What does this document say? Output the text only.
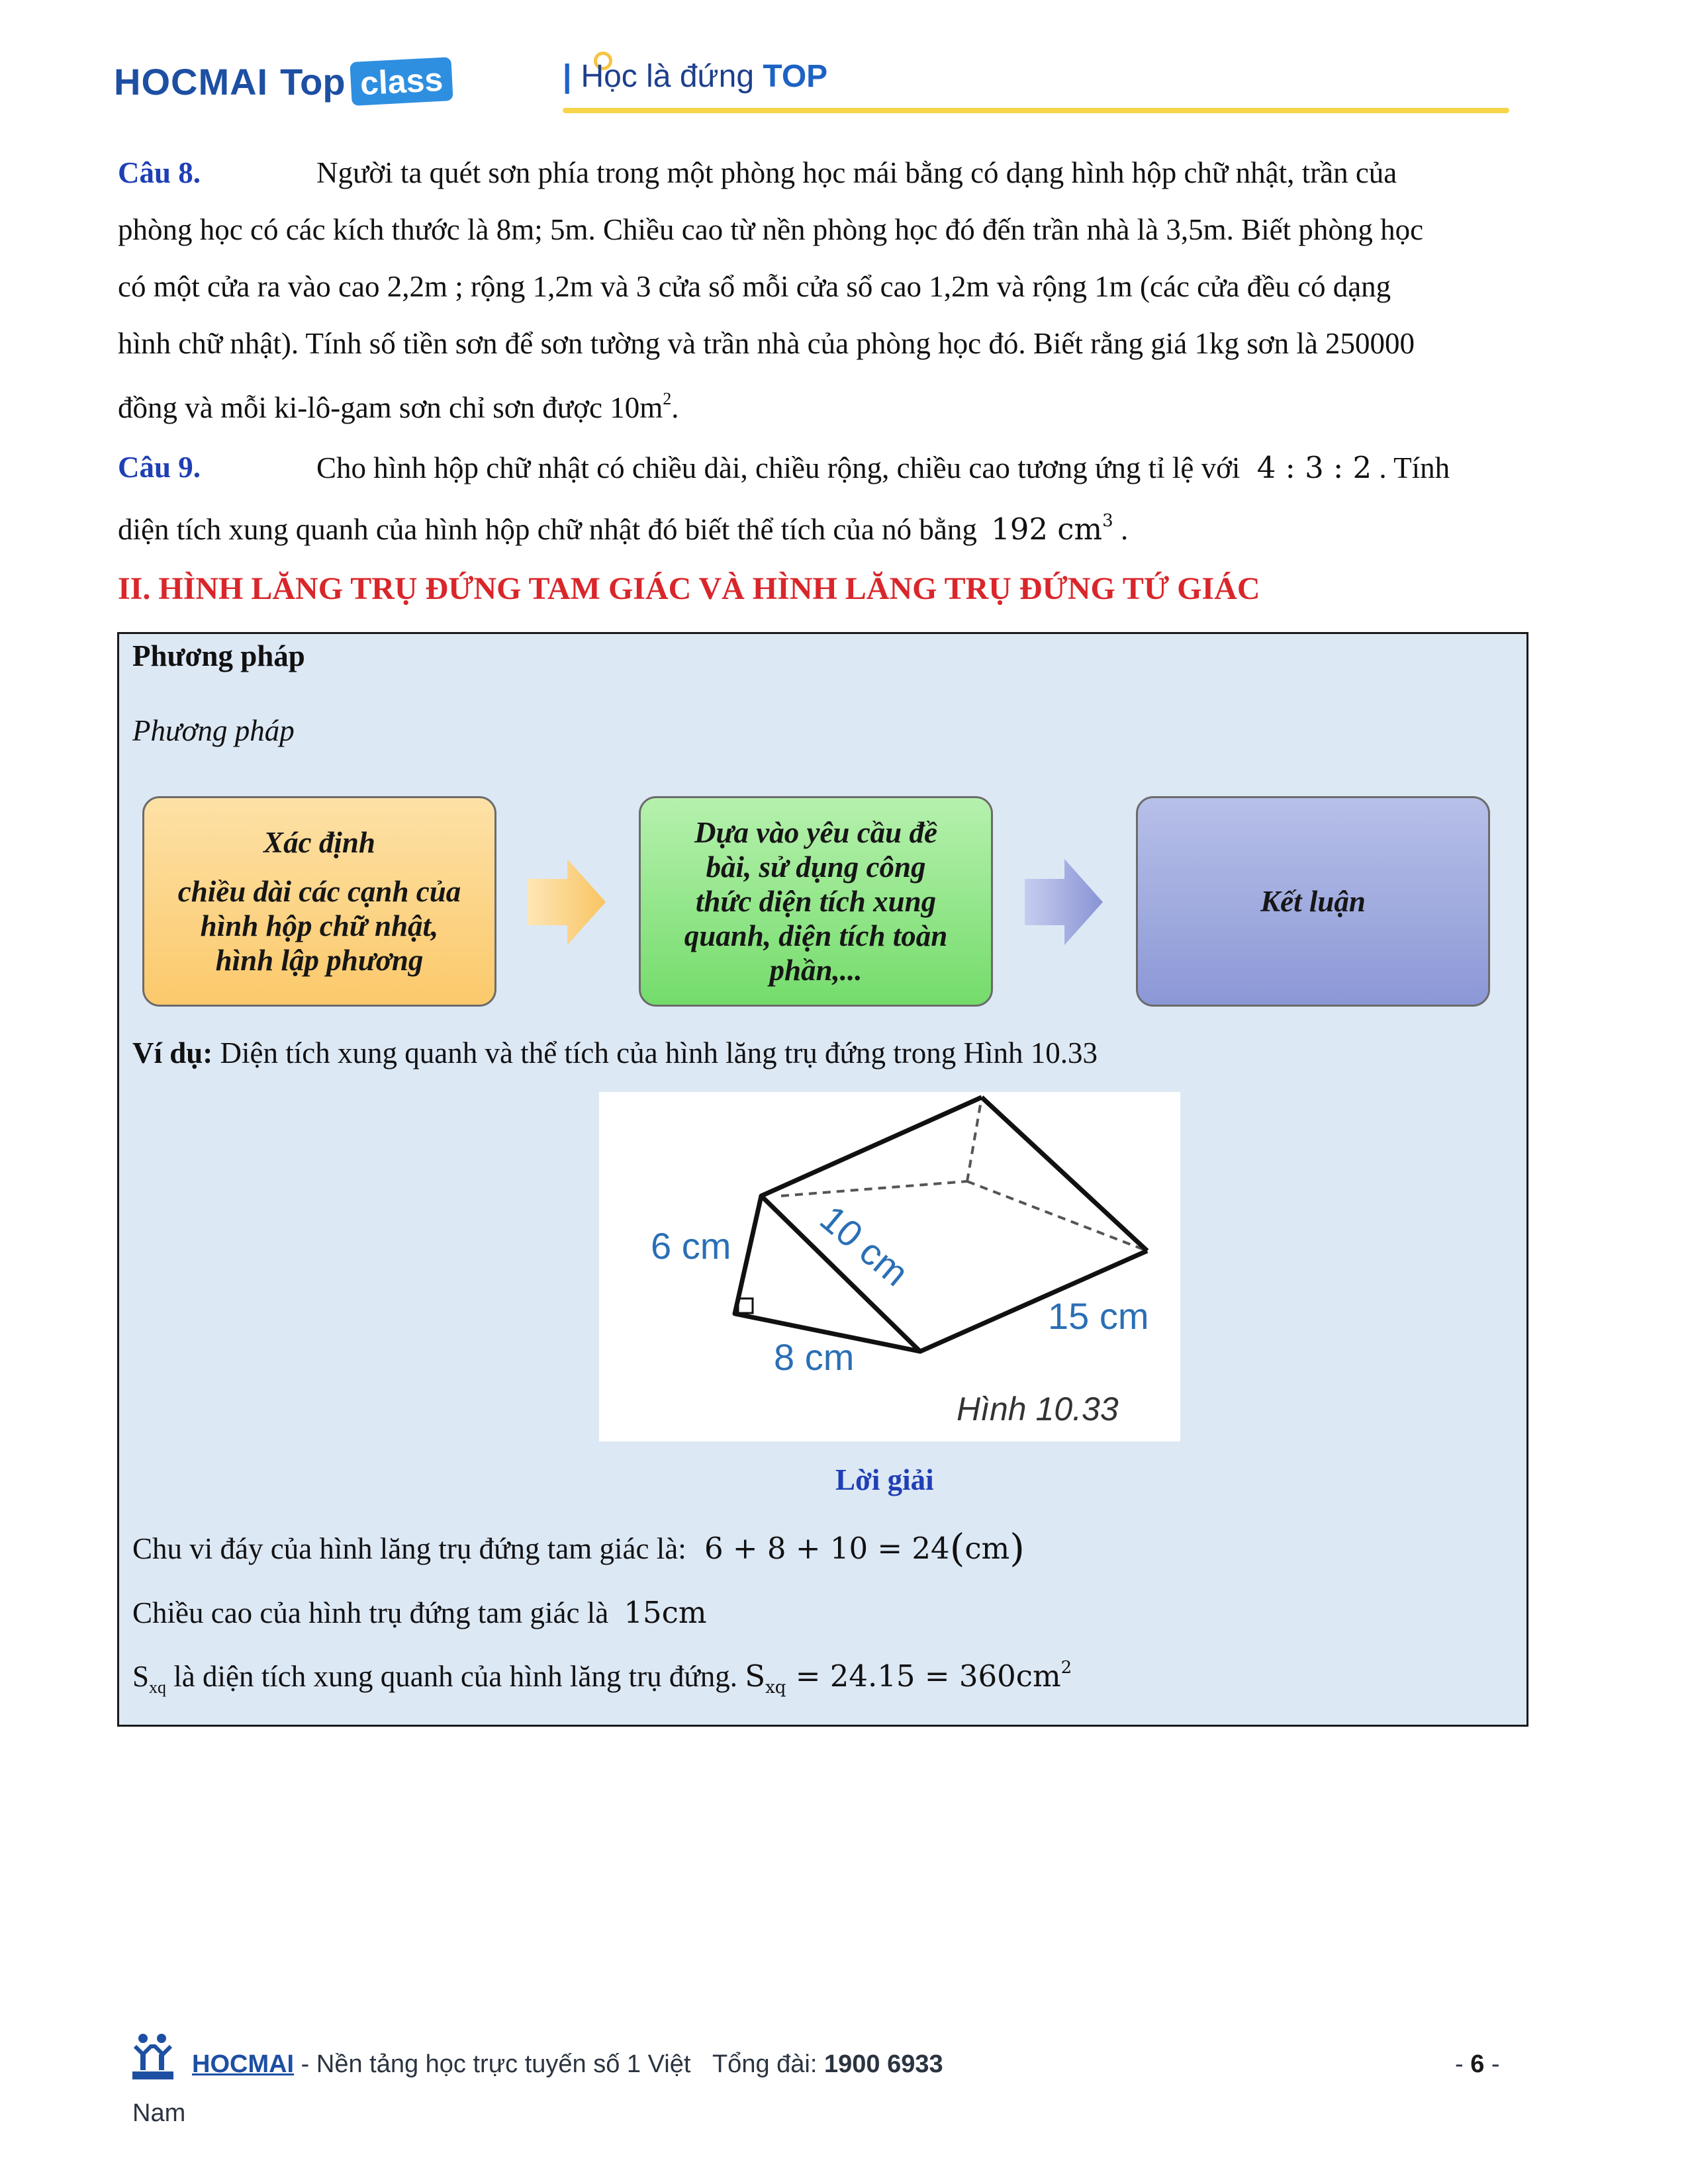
HOCMAI Top class	| Học là đứng TOP
Câu 8.	Người ta quét sơn phía trong một phòng học mái bằng có dạng hình hộp chữ nhật, trần của
phòng học có các kích thước là 8m; 5m. Chiều cao từ nền phòng học đó đến trần nhà là 3,5m. Biết phòng học
có một cửa ra vào cao 2,2m ; rộng 1,2m và 3 cửa sổ mỗi cửa sổ cao 1,2m và rộng 1m (các cửa đều có dạng
hình chữ nhật). Tính số tiền sơn để sơn tường và trần nhà của phòng học đó. Biết rằng giá 1kg sơn là 250000
đồng và mỗi ki-lô-gam sơn chỉ sơn được $10m^2$.
Câu 9.	Cho hình hộp chữ nhật có chiều dài, chiều rộng, chiều cao tương ứng tỉ lệ với 4 : 3 : 2 . Tính
diện tích xung quanh của hình hộp chữ nhật đó biết thể tích của nó bằng 192 $cm^3$ .
II. HÌNH LĂNG TRỤ ĐỨNG TAM GIÁC VÀ HÌNH LĂNG TRỤ ĐỨNG TỨ GIÁC
Phương pháp
Phương pháp
Xác định
chiều dài các cạnh của
hình hộp chữ nhật,
hình lập phương
Dựa vào yêu cầu đề
bài, sử dụng công
thức diện tích xung
quanh, diện tích toàn
phần,...
Kết luận
Ví dụ: Diện tích xung quanh và thể tích của hình lăng trụ đứng trong Hình 10.33
6 cm 10 cm
8 cm
15 cm
Hình 10.33
Lời giải
Chu vi đáy của hình lăng trụ đứng tam giác là: 6 + 8 + 10 = 24(cm)
Chiều cao của hình trụ đứng tam giác là 15cm
$S_{xq}$ là diện tích xung quanh của hình lăng trụ đứng. $S_{xq} = 24.15 = 360cm^2$
HOCMAI - Nền tảng học trực tuyến số 1 Việt Tổng đài: 1900 6933	- 6 -
Nam
